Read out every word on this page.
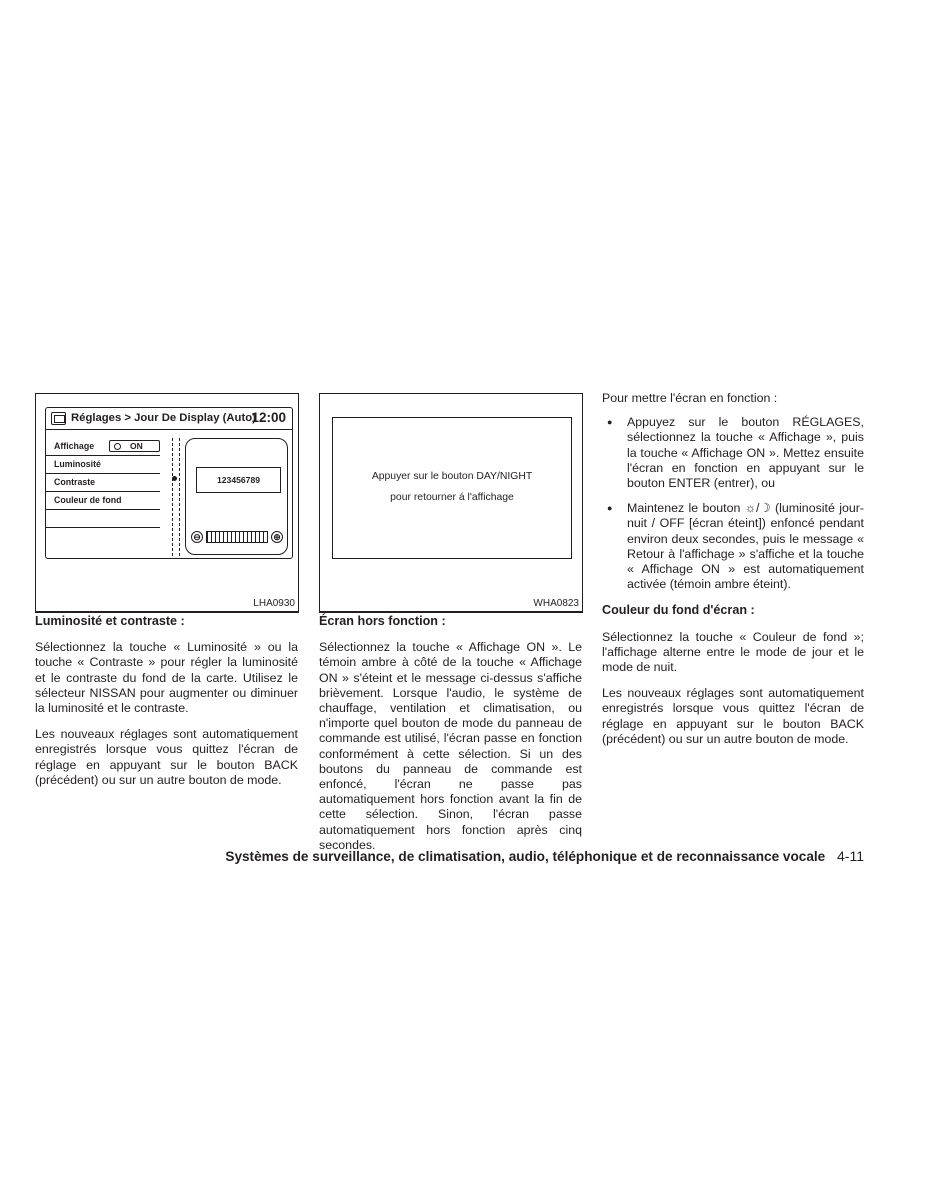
Réglages > Jour De Display (Auto)
12:00
Affichage	ON
Luminosité
Contraste
Couleur de fond
123456789
⊖	⊕
LHA0930
Appuyer sur le bouton DAY/NIGHT
pour retourner á l'affichage
WHA0823
Luminosité et contraste :

Sélectionnez la touche « Luminosité » ou la touche « Contraste » pour régler la luminosité et le contraste du fond de la carte. Utilisez le sélecteur NISSAN pour augmenter ou diminuer la luminosité et le contraste.

Les nouveaux réglages sont automatiquement enregistrés lorsque vous quittez l'écran de réglage en appuyant sur le bouton BACK (précédent) ou sur un autre bouton de mode.

Écran hors fonction :

Sélectionnez la touche « Affichage ON ». Le témoin ambre à côté de la touche « Affichage ON » s'éteint et le message ci-dessus s'affiche brièvement. Lorsque l'audio, le système de chauffage, ventilation et climatisation, ou n'importe quel bouton de mode du panneau de commande est utilisé, l'écran passe en fonction conformément à cette sélection. Si un des boutons du panneau de commande est enfoncé, l'écran ne passe pas automatiquement hors fonction avant la fin de cette sélection. Sinon, l'écran passe automatiquement hors fonction après cinq secondes.

Pour mettre l'écran en fonction :

● Appuyez sur le bouton RÉGLAGES, sélectionnez la touche « Affichage », puis la touche « Affichage ON ». Mettez ensuite l'écran en fonction en appuyant sur le bouton ENTER (entrer), ou
● Maintenez le bouton ☼/☽ (luminosité jour-nuit / OFF [écran éteint]) enfoncé pendant environ deux secondes, puis le message « Retour à l'affichage » s'affiche et la touche « Affichage ON » est automatiquement activée (témoin ambre éteint).
Couleur du fond d'écran :

Sélectionnez la touche « Couleur de fond »; l'affichage alterne entre le mode de jour et le mode de nuit.

Les nouveaux réglages sont automatiquement enregistrés lorsque vous quittez l'écran de réglage en appuyant sur le bouton BACK (précédent) ou sur un autre bouton de mode.

Systèmes de surveillance, de climatisation, audio, téléphonique et de reconnaissance vocale 4-11
